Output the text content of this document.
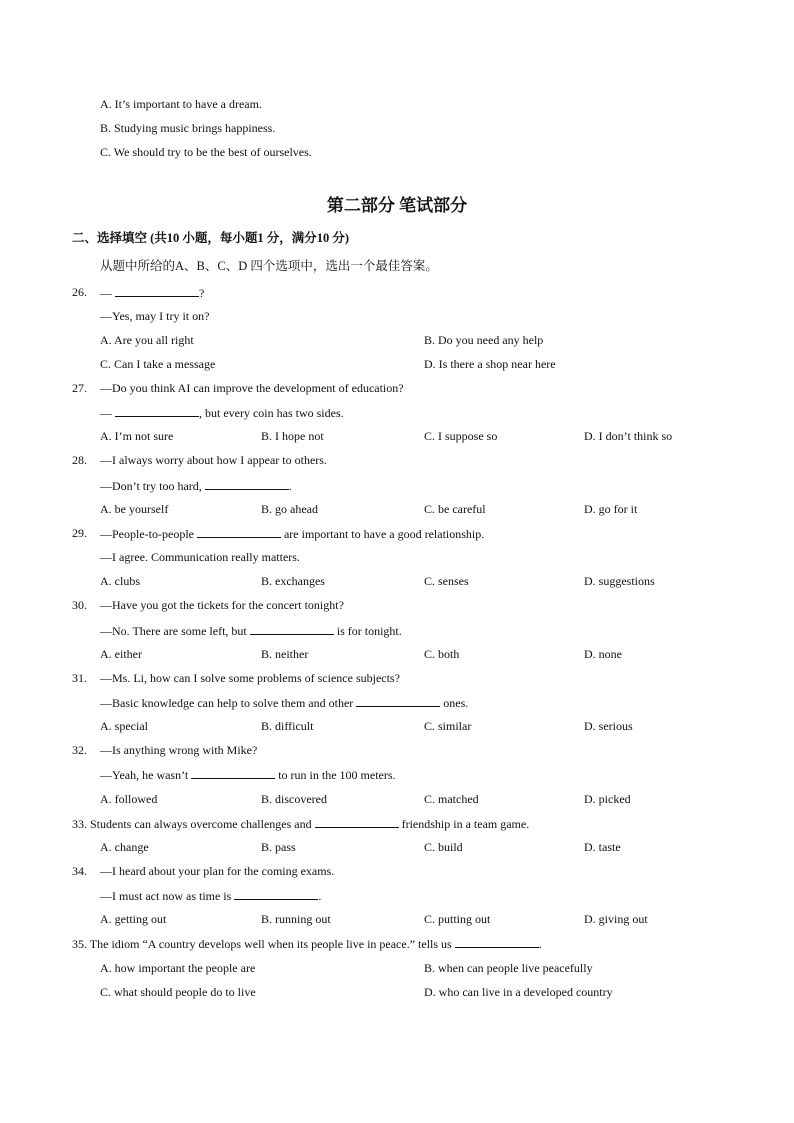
A. It’s important to have a dream.
B. Studying music brings happiness.
C. We should try to be the best of ourselves.
第二部分 笔试部分
二、选择填空 (共10 小题，每小题1 分，满分10 分)
从题中所给的A、B、C、D 四个选项中，选出一个最佳答案。
26. —	?
—Yes, may I try it on?
A. Are you all right	B. Do you need any help
C. Can I take a message	D. Is there a shop near here
27. —Do you think AI can improve the development of education?
—	, but every coin has two sides.
A. I’m not sure	B. I hope not	C. I suppose so	D. I don’t think so
28. —I always worry about how I appear to others.
—Don’t try too hard,	.
A. be yourself	B. go ahead	C. be careful	D. go for it
29. —People-to-people	are important to have a good relationship.
—I agree. Communication really matters.
A. clubs	B. exchanges	C. senses	D. suggestions
30. —Have you got the tickets for the concert tonight?
—No. There are some left, but	is for tonight.
A. either	B. neither	C. both	D. none
31. —Ms. Li, how can I solve some problems of science subjects?
—Basic knowledge can help to solve them and other	ones.
A. special	B. difficult	C. similar	D. serious
32. —Is anything wrong with Mike?
—Yeah, he wasn’t	to run in the 100 meters.
A. followed	B. discovered	C. matched	D. picked
33. Students can always overcome challenges and	friendship in a team game.
A. change	B. pass	C. build	D. taste
34. —I heard about your plan for the coming exams.
—I must act now as time is	.
A. getting out	B. running out	C. putting out	D. giving out
35. The idiom “A country develops well when its people live in peace.” tells us	.
A. how important the people are	B. when can people live peacefully
C. what should people do to live	D. who can live in a developed country
